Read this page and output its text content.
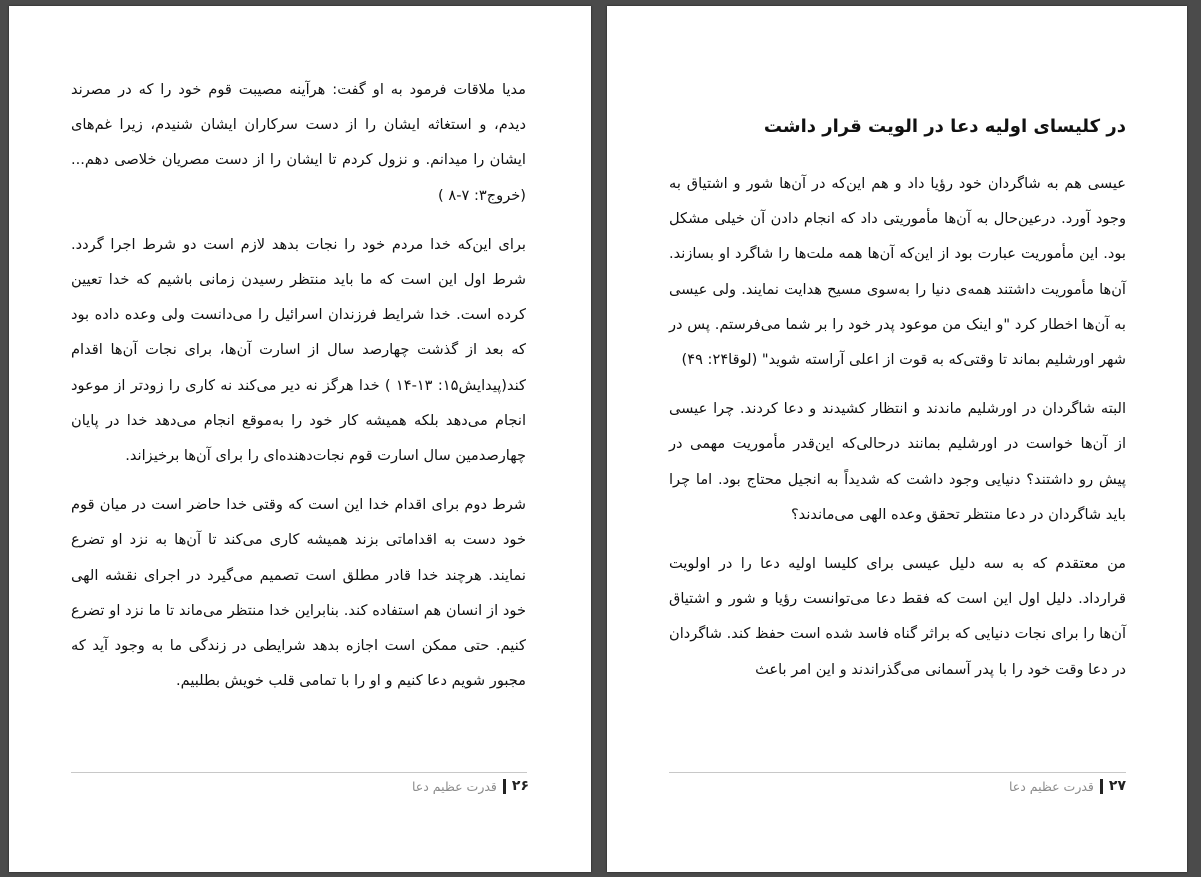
مدیا ملاقات فرمود به او گفت: هرآینه مصیبت قوم خود را که در مصرند دیدم، و استغاثه ایشان را از دست سرکاران ایشان شنیدم، زیرا غم‌های ایشان را میدانم. و نزول کردم تا ایشان را از دست مصریان خلاصی دهم...(خروج۳: ۷-۸ )

برای این‌که خدا مردم خود را نجات بدهد لازم است دو شرط اجرا گردد. شرط اول این است که ما باید منتظر رسیدن زمانی باشیم که خدا تعیین کرده است. خدا شرایط فرزندان اسرائیل را می‌دانست ولی وعده داده بود که بعد از گذشت چهارصد سال از اسارت آن‌ها، برای نجات آن‌ها اقدام کند(پیدایش۱۵: ۱۳-۱۴ ) خدا هرگز نه دیر می‌کند نه کاری را زودتر از موعود انجام می‌دهد بلکه همیشه کار خود را به‌موقع انجام می‌دهد خدا در پایان چهارصدمین سال اسارت قوم نجات‌دهنده‌ای را برای آن‌ها برخیزاند.

شرط دوم برای اقدام خدا این است که وقتی خدا حاضر است در میان قوم خود دست به اقداماتی بزند همیشه کاری می‌کند تا آن‌ها به نزد او تضرع نمایند. هرچند خدا قادر مطلق است تصمیم می‌گیرد در اجرای نقشه الهی خود از انسان هم استفاده کند. بنابراین خدا منتظر می‌ماند تا ما نزد او تضرع کنیم. حتی ممکن است اجازه بدهد شرایطی در زندگی ما به وجود آید که مجبور شویم دعا کنیم و او را با تمامی قلب خویش بطلبیم.

۲۶
قدرت عظیم دعا
در کلیسای اولیه دعا در الویت قرار داشت

عیسی هم به شاگردان خود رؤیا داد و هم این‌که در آن‌ها شور و اشتیاق به وجود آورد. درعین‌حال به آن‌ها مأموریتی داد که انجام دادن آن خیلی مشکل بود. این مأموریت عبارت بود از این‌که آن‌ها همه ملت‌ها را شاگرد او بسازند. آن‌ها مأموریت داشتند همه‌ی دنیا را به‌سوی مسیح هدایت نمایند. ولی عیسی به آن‌ها اخطار کرد "و اینک من موعود پدر خود را بر شما می‌فرستم. پس در شهر اورشلیم بماند تا وقتی‌که به قوت از اعلی آراسته شوید" (لوقا۲۴: ۴۹)

البته شاگردان در اورشلیم ماندند و انتظار کشیدند و دعا کردند. چرا عیسی از آن‌ها خواست در اورشلیم بمانند درحالی‌که این‌قدر مأموریت مهمی در پیش رو داشتند؟ دنیایی وجود داشت که شدیداً به انجیل محتاج بود. اما چرا باید شاگردان در دعا منتظر تحقق وعده الهی می‌ماندند؟

من معتقدم که به سه دلیل عیسی برای کلیسا اولیه دعا را در اولویت قرارداد. دلیل اول این است که فقط دعا می‌توانست رؤیا و شور و اشتیاق آن‌ها را برای نجات دنیایی که براثر گناه فاسد شده است حفظ کند. شاگردان در دعا وقت خود را با پدر آسمانی می‌گذراندند و این امر باعث

۲۷
قدرت عظیم دعا
